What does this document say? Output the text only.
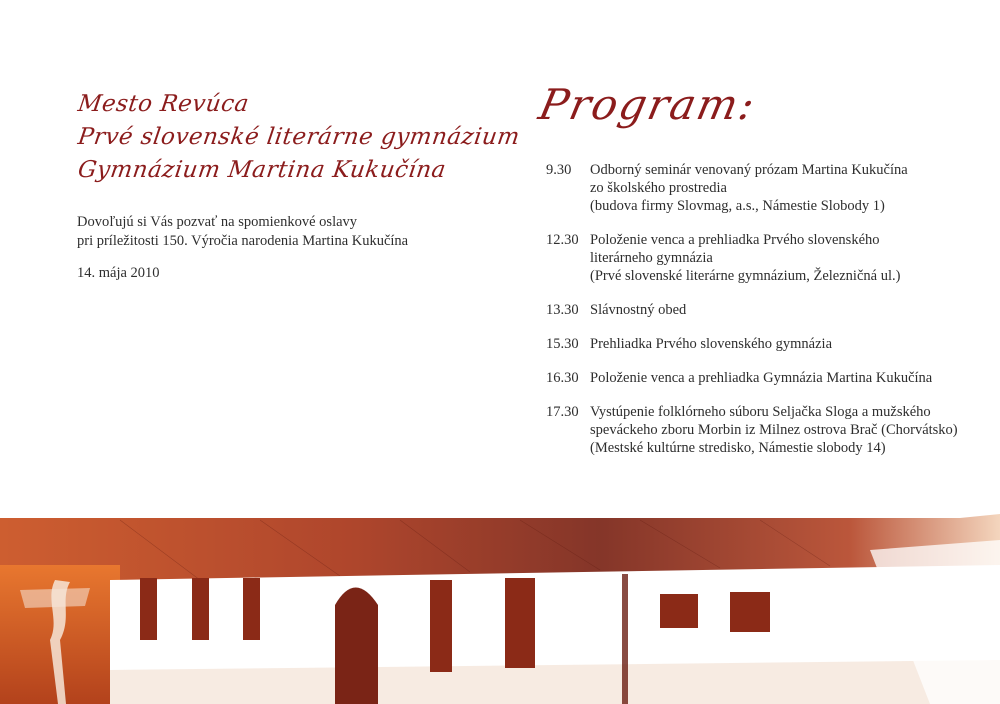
Mesto Revúca
Prvé slovenské literárne gymnázium
Gymnázium Martina Kukučína
Dovoľujú si Vás pozvať na spomienkové oslavy
pri príležitosti 150. Výročia narodenia Martina Kukučína
14. mája 2010
Program:
9.30	Odborný seminár venovaný prózam Martina Kukučína
zo školského prostredia
(budova firmy Slovmag, a.s., Námestie Slobody 1)
12.30 Položenie venca a prehliadka Prvého slovenského
literárneho gymnázia
(Prvé slovenské literárne gymnázium, Železničná ul.)
13.30 Slávnostný obed
15.30 Prehliadka Prvého slovenského gymnázia
16.30 Položenie venca a prehliadka Gymnázia Martina Kukučína
17.30 Vystúpenie folklórneho súboru Seljačka Sloga a mužského
speváckeho zboru Morbin iz Milnez ostrova Brač (Chorvátsko)
(Mestské kultúrne stredisko, Námestie slobody 14)
